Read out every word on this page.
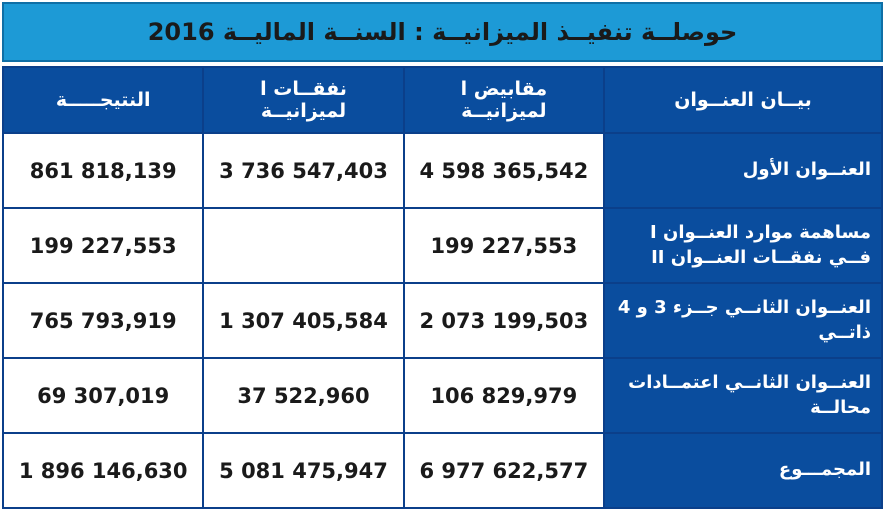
حوصلــة تنفيــذ الميزانيــة : السنــة الماليــة 2016
بيــان العنــوان	مقابيض ا لميزانيــة	نفقــات ا لميزانيــة	النتيجـــــة
العنــوان الأول	4 598 365,542	3 736 547,403	861 818,139
مساهمة موارد العنــوان I فــي نفقــات العنــوان II	199 227,553		199 227,553
العنــوان الثانــي جــزء 3 و 4 ذاتــي	2 073 199,503	1 307 405,584	765 793,919
العنــوان الثانــي اعتمــادات محالــة	106 829,979	37 522,960	69 307,019
المجمـــوع	6 977 622,577	5 081 475,947	1 896 146,630
